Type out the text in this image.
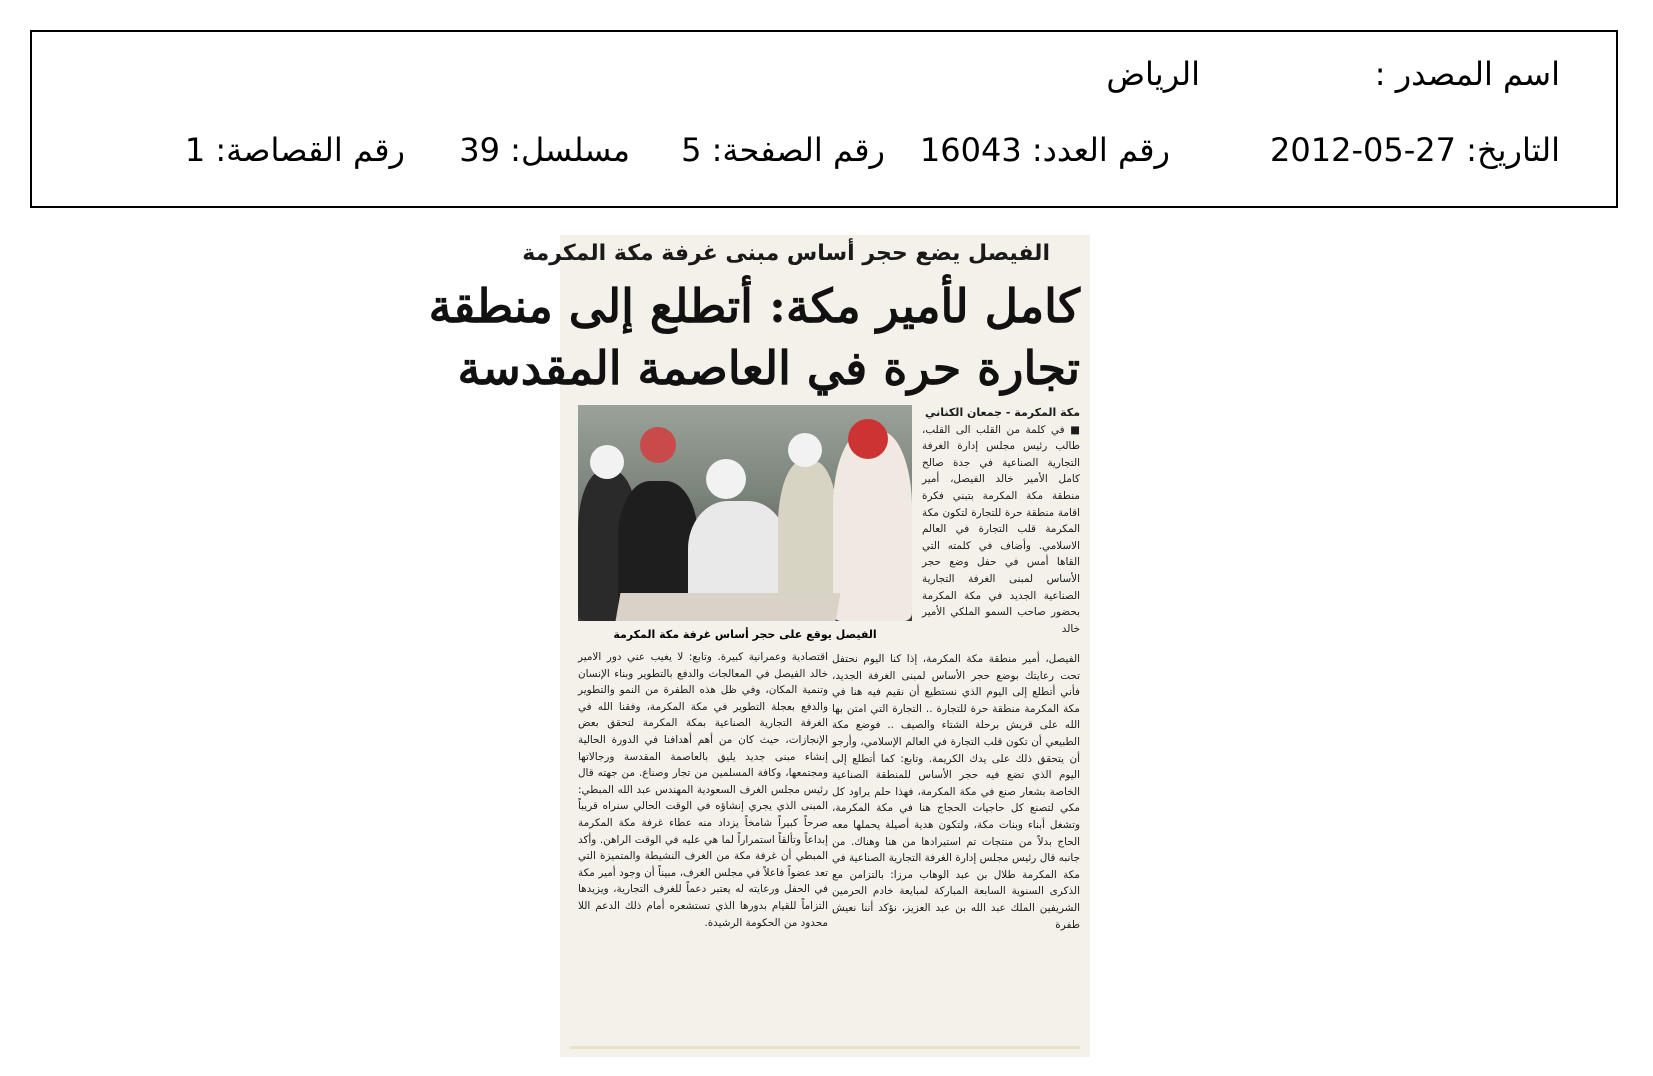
اسم المصدر :
الرياض
التاريخ: 27-05-2012
رقم العدد: 16043
رقم الصفحة: 5
مسلسل: 39
رقم القصاصة: 1
الفيصل يضع حجر أساس مبنى غرفة مكة المكرمة
كامل لأمير مكة: أتطلع إلى منطقة
تجارة حرة في العاصمة المقدسة
الفيصل يوقع على حجر أساس غرفة مكة المكرمة

مكة المكرمة - جمعان الكناني

■ في كلمة من القلب الى القلب، طالب رئيس مجلس إدارة الغرفة التجارية الصناعية في جدة صالح كامل الأمير خالد الفيصل، أمير منطقة مكة المكرمة بتبني فكرة اقامة منطقة حرة للتجارة لتكون مكة المكرمة قلب التجارة في العالم الاسلامي. وأضاف في كلمته التي القاها أمس في حفل وضع حجر الأساس لمبنى الغرفة التجارية الصناعية الجديد في مكة المكرمة بحضور صاحب السمو الملكي الأمير خالد

الفيصل، أمير منطقة مكة المكرمة، إذا كنا اليوم نحتفل تحت رعايتك بوضع حجر الأساس لمبنى الغرفة الجديد، فأني أتطلع إلى اليوم الذي نستطيع أن نقيم فيه هنا في مكة المكرمة منطقة حرة للتجارة .. التجارة التي امتن بها الله على قريش برحلة الشتاء والصيف .. فوضع مكة الطبيعي أن تكون قلب التجارة في العالم الإسلامي، وأرجو أن يتحقق ذلك على يدك الكريمة. وتابع: كما أتطلع إلى اليوم الذي تضع فيه حجر الأساس للمنطقة الصناعية الخاصة بشعار صنع في مكة المكرمة، فهذا حلم يراود كل مكي لتصنع كل حاجيات الحجاج هنا في مكة المكرمة، وتشغل أبناء وبنات مكة، ولتكون هدية أصيلة يحملها معه الحاج بدلاً من منتجات تم استيرادها من هنا وهناك. من جانبه قال رئيس مجلس إدارة الغرفة التجارية الصناعية في مكة المكرمة طلال بن عبد الوهاب مرزا: بالتزامن مع الذكرى السنوية السابعة المباركة لمبايعة خادم الحرمين الشريفين الملك عبد الله بن عبد العزيز، نؤكد أننا نعيش طفرة

اقتصادية وعمرانية كبيرة. وتابع: لا يغيب عني دور الامير خالد الفيصل في المعالجات والدفع بالتطوير وبناء الإنسان وتنمية المكان، وفي ظل هذه الطفرة من النمو والتطوير والدفع بعجلة التطوير في مكة المكرمة، وفقنا الله في الغرفة التجارية الصناعية بمكة المكرمة لتحقق بعض الإنجازات، حيث كان من أهم أهدافنا في الدورة الحالية إنشاء مبنى جديد يليق بالعاصمة المقدسة ورجالاتها ومجتمعها، وكافة المسلمين من تجار وصناع. من جهته قال رئيس مجلس الغرف السعودية المهندس عبد الله المبطي: المبنى الذي يجري إنشاؤه في الوقت الحالي سنراه قريباً صرحاً كبيراً شامخاً يزداد منه عطاء غرفة مكة المكرمة إبداعاً وتألقاً استمراراً لما هي عليه في الوقت الراهن. وأكد المبطي أن غرفة مكة من الغرف النشيطة والمتميزة التي تعد عضواً فاعلاً في مجلس الغرف، مبيناً أن وجود أمير مكة في الحفل ورعايته له يعتبر دعماً للغرف التجارية، ويزيدها التزاماً للقيام بدورها الذي تستشعره أمام ذلك الدعم اللا محدود من الحكومة الرشيدة.
